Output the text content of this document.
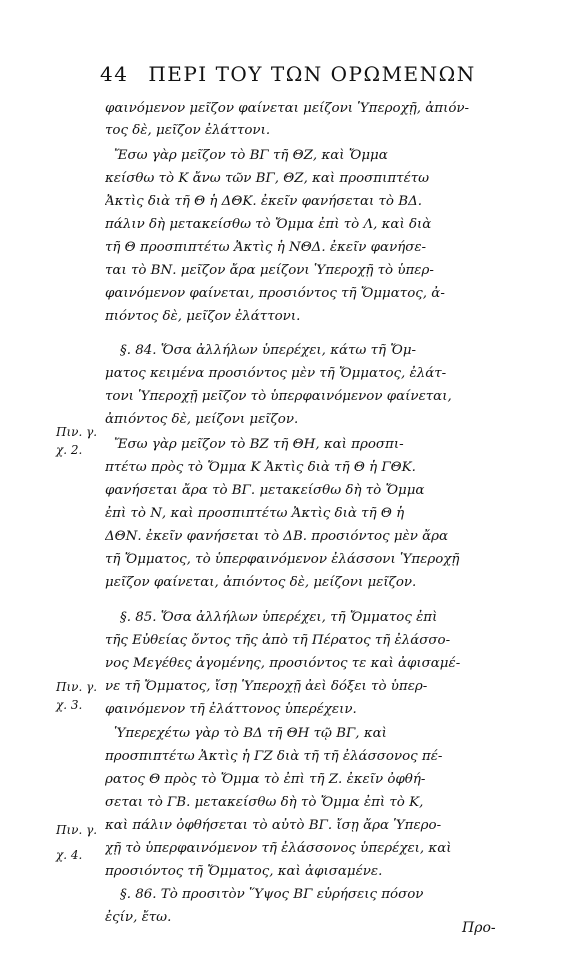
44 ΠΕΡΙ ΤΟΥ ΤΩΝ ΟΡΩΜΕΝΩΝ
φαινόμενον μεῖζον φαίνεται μείζονι Ὑπεροχῇ, ἀπιόν-
τος δὲ, μεῖζον ἐλάττονι.
Ἔσω γὰρ μεῖζον τὸ ΒΓ τῆ ΘΖ, καὶ Ὄμμα
κείσθω τὸ Κ ἄνω τῶν ΒΓ, ΘΖ, καὶ προσπιπτέτω
Ἀκτὶς διὰ τῆ Θ ἡ ΔΘΚ. ἐκεῖν φανήσεται τὸ ΒΔ.
πάλιν δὴ μετακείσθω τὸ Ὄμμα ἐπὶ τὸ Λ, καὶ διὰ
τῆ Θ προσπιπτέτω Ἀκτὶς ἡ ΝΘΔ. ἐκεῖν φανήσε-
ται τὸ ΒΝ. μεῖζον ἄρα μείζονι Ὑπεροχῇ τὸ ὑπερ-
φαινόμενον φαίνεται, προσιόντος τῆ Ὄμματος, ἀ-
πιόντος δὲ, μεῖζον ἐλάττονι.
§. 84. Ὅσα ἀλλήλων ὑπερέχει, κάτω τῆ Ὄμ-
ματος κειμένα προσιόντος μὲν τῆ Ὄμματος, ἐλάτ-
τονι Ὑπεροχῇ μεῖζον τὸ ὑπερφαινόμενον φαίνεται,
ἀπιόντος δὲ, μείζονι μεῖζον.
Πιν. γ.
Ἔσω γὰρ μεῖζον τὸ ΒΖ τῆ ΘΗ, καὶ προσπι-
χ. 2.
πτέτω πρὸς τὸ Ὄμμα Κ Ἀκτὶς διὰ τῆ Θ ἡ ΓΘΚ.
φανήσεται ἄρα τὸ ΒΓ. μετακείσθω δὴ τὸ Ὄμμα
ἐπὶ τὸ Ν, καὶ προσπιπτέτω Ἀκτὶς διὰ τῆ Θ ἡ
ΔΘΝ. ἐκεῖν φανήσεται τὸ ΔΒ. προσιόντος μὲν ἄρα
τῆ Ὄμματος, τὸ ὑπερφαινόμενον ἐλάσσονι Ὑπεροχῇ
μεῖζον φαίνεται, ἀπιόντος δὲ, μείζονι μεῖζον.
§. 85. Ὅσα ἀλλήλων ὑπερέχει, τῆ Ὄμματος ἐπὶ
τῆς Εὐθείας ὄντος τῆς ἀπὸ τῆ Πέρατος τῆ ἐλάσσο-
νος Μεγέθες ἀγομένης, προσιόντος τε καὶ ἀφισαμέ-
νε τῆ Ὄμματος, ἴσῃ Ὑπεροχῇ ἀεὶ δόξει τὸ ὑπερ-
φαινόμενον τῆ ἐλάττονος ὑπερέχειν.
Πιν. γ.
Ὑπερεχέτω γὰρ τὸ ΒΔ τῆ ΘΗ τῷ ΒΓ, καὶ
χ. 3.
προσπιπτέτω Ἀκτὶς ἡ ΓΖ διὰ τῆ τῆ ἐλάσσονος πέ-
ρατος Θ πρὸς τὸ Ὄμμα τὸ ἐπὶ τῆ Ζ. ἐκεῖν ὀφθή-
σεται τὸ ΓΒ. μετακείσθω δὴ τὸ Ὄμμα ἐπὶ τὸ Κ,
καὶ πάλιν ὀφθήσεται τὸ αὐτὸ ΒΓ. ἴσῃ ἄρα Ὑπερο-
χῇ τὸ ὑπερφαινόμενον τῆ ἐλάσσονος ὑπερέχει, καὶ
προσιόντος τῆ Ὄμματος, καὶ ἀφισαμένε.
Πιν. γ.
χ. 4.
§. 86. Τὸ προσιτὸν Ὕψος ΒΓ εὑρήσεις πόσον
ἐςίν, ἔτω.
Προ-
